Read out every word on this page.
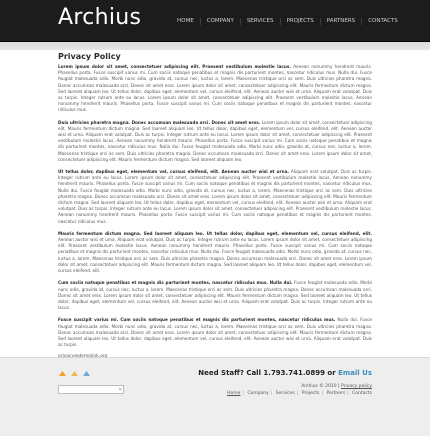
Archius	HOME	COMPANY	SERVICES	PROJECTS	PARTNERS	CONTACTS
Privacy Policy

Lorem ipsum dolor sit amet, consectetuer adipiscing elit. Praesent vestibulum molestie lacus. Aenean nonummy hendrerit mauris. Phasellus porta. Fusce suscipit varius mi. Cum sociis natoque penatibus et magnis dis parturient montes, nascetur ridiculus mus. Nulla dui. Fusce feugiat malesuada odio. Morbi nunc odio, gravida at, cursus nec, luctus a, lorem. Maecenas tristique orci ac sem. Duis ultricies pharetra magna. Donec accumsan malesuada orci. Donec sit amet eros. Lorem ipsum dolor sit amet, consectetuer adipiscing elit. Mauris fermentum dictum magna. Sed laoreet aliquam leo. Ut tellus dolor, dapibus eget, elementum vel, cursus eleifend, elit. Aenean auctor wisi et urna. Aliquam erat volutpat. Duis ac turpis. Integer rutrum ante eu lacus. Lorem ipsum dolor sit amet, consectetuer adipiscing elit. Praesent vestibulum molestie lacus. Aenean nonummy hendrerit mauris. Phasellus porta. Fusce suscipit varius mi. Cum sociis natoque penatibus et magnis dis parturient montes, nascetur ridiculus mus.

Duis ultricies pharetra magna. Donec accumsan malesuada orci. Donec sit amet eros. Lorem ipsum dolor sit amet, consectetuer adipiscing elit. Mauris fermentum dictum magna. Sed laoreet aliquam leo. Ut tellus dolor, dapibus eget, elementum vel, cursus eleifend, elit. Aenean auctor wisi et urna. Aliquam erat volutpat. Duis ac turpis. Integer rutrum ante eu lacus. Lorem ipsum dolor sit amet, consectetuer adipiscing elit. Praesent vestibulum molestie lacus. Aenean nonummy hendrerit mauris. Phasellus porta. Fusce suscipit varius mi. Cum sociis natoque penatibus et magnis dis parturient montes, nascetur ridiculus mus. Nulla dui. Fusce feugiat malesuada odio. Morbi nunc odio, gravida at, cursus nec, luctus a, lorem. Maecenas tristique orci ac sem. Duis ultricies pharetra magna. Donec accumsan malesuada orci. Donec sit amet eros. Lorem ipsum dolor sit amet, consectetuer adipiscing elit. Mauris fermentum dictum magna. Sed laoreet aliquam leo.

Ut tellus dolor, dapibus eget, elementum vel, cursus eleifend, elit. Aenean auctor wisi et urna. Aliquam erat volutpat. Duis ac turpis. Integer rutrum ante eu lacus. Lorem ipsum dolor sit amet, consectetuer adipiscing elit. Praesent vestibulum molestie lacus. Aenean nonummy hendrerit mauris. Phasellus porta. Fusce suscipit varius mi. Cum sociis natoque penatibus et magnis dis parturient montes, nascetur ridiculus mus. Nulla dui. Fusce feugiat malesuada odio. Morbi nunc odio, gravida at, cursus nec, luctus a, lorem. Maecenas tristique orci ac sem. Duis ultricies pharetra magna. Donec accumsan malesuada orci. Donec sit amet eros. Lorem ipsum dolor sit amet, consectetuer adipiscing elit. Mauris fermentum dictum magna. Sed laoreet aliquam leo. Ut tellus dolor, dapibus eget, elementum vel, cursus eleifend, elit. Aenean auctor wisi et urna. Aliquam erat volutpat. Duis ac turpis. Integer rutrum ante eu lacus. Lorem ipsum dolor sit amet, consectetuer adipiscing elit. Praesent vestibulum molestie lacus. Aenean nonummy hendrerit mauris. Phasellus porta. Fusce suscipit varius mi. Cum sociis natoque penatibus et magnis dis parturient montes, nascetur ridiculus mus.

Mauris fermentum dictum magna. Sed laoreet aliquam leo. Ut tellus dolor, dapibus eget, elementum vel, cursus eleifend, elit. Aenean auctor wisi et urna. Aliquam erat volutpat. Duis ac turpis. Integer rutrum ante eu lacus. Lorem ipsum dolor sit amet, consectetuer adipiscing elit. Praesent vestibulum molestie lacus. Aenean nonummy hendrerit mauris. Phasellus porta. Fusce suscipit varius mi. Cum sociis natoque penatibus et magnis dis parturient montes, nascetur ridiculus mus. Nulla dui. Fusce feugiat malesuada odio. Morbi nunc odio, gravida at, cursus nec, luctus a, lorem. Maecenas tristique orci ac sem. Duis ultricies pharetra magna. Donec accumsan malesuada orci. Donec sit amet eros. Lorem ipsum dolor sit amet, consectetuer adipiscing elit. Mauris fermentum dictum magna. Sed laoreet aliquam leo. Ut tellus dolor, dapibus eget, elementum vel, cursus eleifend, elit.

Cum sociis natoque penatibus et magnis dis parturient montes, nascetur ridiculus mus. Nulla dui. Fusce feugiat malesuada odio. Morbi nunc odio, gravida at, cursus nec, luctus a, lorem. Maecenas tristique orci ac sem. Duis ultricies pharetra magna. Donec accumsan malesuada orci. Donec sit amet eros. Lorem ipsum dolor sit amet, consectetuer adipiscing elit. Mauris fermentum dictum magna. Sed laoreet aliquam leo. Ut tellus dolor, dapibus eget, elementum vel, cursus eleifend, elit. Aenean auctor wisi et urna. Aliquam erat volutpat. Duis ac turpis. Integer rutrum ante eu lacus.

Fusce suscipit varius mi. Cum sociis natoque penatibus et magnis dis parturient montes, nascetur ridiculus mus. Nulla dui. Fusce feugiat malesuada odio. Morbi nunc odio, gravida at, cursus nec, luctus a, lorem. Maecenas tristique orci ac sem. Duis ultricies pharetra magna. Donec accumsan malesuada orci. Donec sit amet eros. Lorem ipsum dolor sit amet, consectetuer adipiscing elit. Mauris fermentum dictum magna. Sed laoreet aliquam leo. Ut tellus dolor, dapibus eget, elementum vel, cursus eleifend, elit. Aenean auctor wisi et urna. Aliquam erat volutpat. Duis ac turpis.

»
Need Staff? Call 1.793.741.0899 or Email Us
Archius © 2010 | Privacy policy
Home | Company | Services | Projects | Partners | Contacts
